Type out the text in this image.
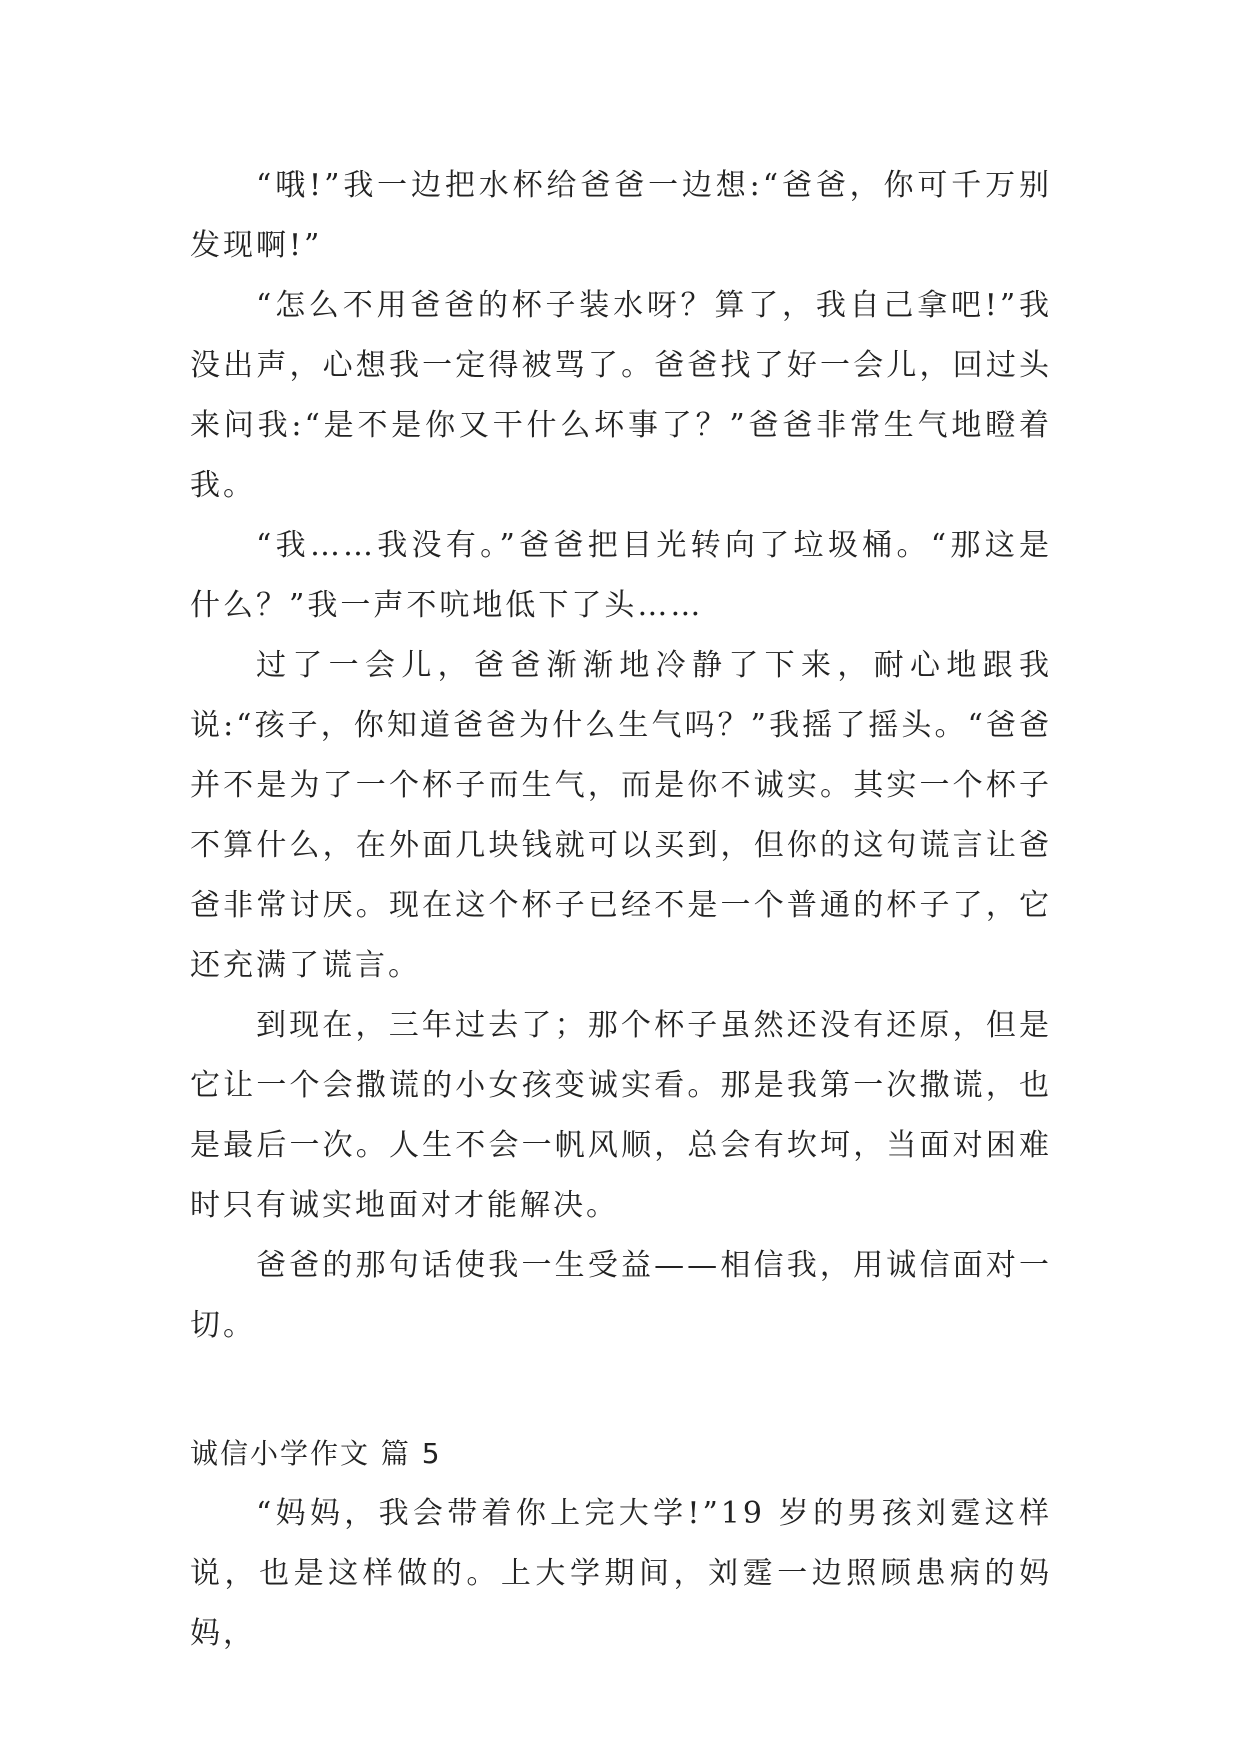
“哦!”我一边把水杯给爸爸一边想:“爸爸，你可千万别发现啊!”

“怎么不用爸爸的杯子装水呀？算了，我自己拿吧!”我没出声，心想我一定得被骂了。爸爸找了好一会儿，回过头来问我:“是不是你又干什么坏事了？”爸爸非常生气地瞪着我。

“我……我没有。”爸爸把目光转向了垃圾桶。“那这是什么？”我一声不吭地低下了头……

过了一会儿，爸爸渐渐地冷静了下来，耐心地跟我说:“孩子，你知道爸爸为什么生气吗？”我摇了摇头。“爸爸并不是为了一个杯子而生气，而是你不诚实。其实一个杯子不算什么，在外面几块钱就可以买到，但你的这句谎言让爸爸非常讨厌。现在这个杯子已经不是一个普通的杯子了，它还充满了谎言。

到现在，三年过去了；那个杯子虽然还没有还原，但是它让一个会撒谎的小女孩变诚实看。那是我第一次撒谎，也是最后一次。人生不会一帆风顺，总会有坎坷，当面对困难时只有诚实地面对才能解决。

爸爸的那句话使我一生受益——相信我，用诚信面对一切。

诚信小学作文 篇 5

“妈妈，我会带着你上完大学!”19 岁的男孩刘霆这样说，也是这样做的。上大学期间，刘霆一边照顾患病的妈妈，
